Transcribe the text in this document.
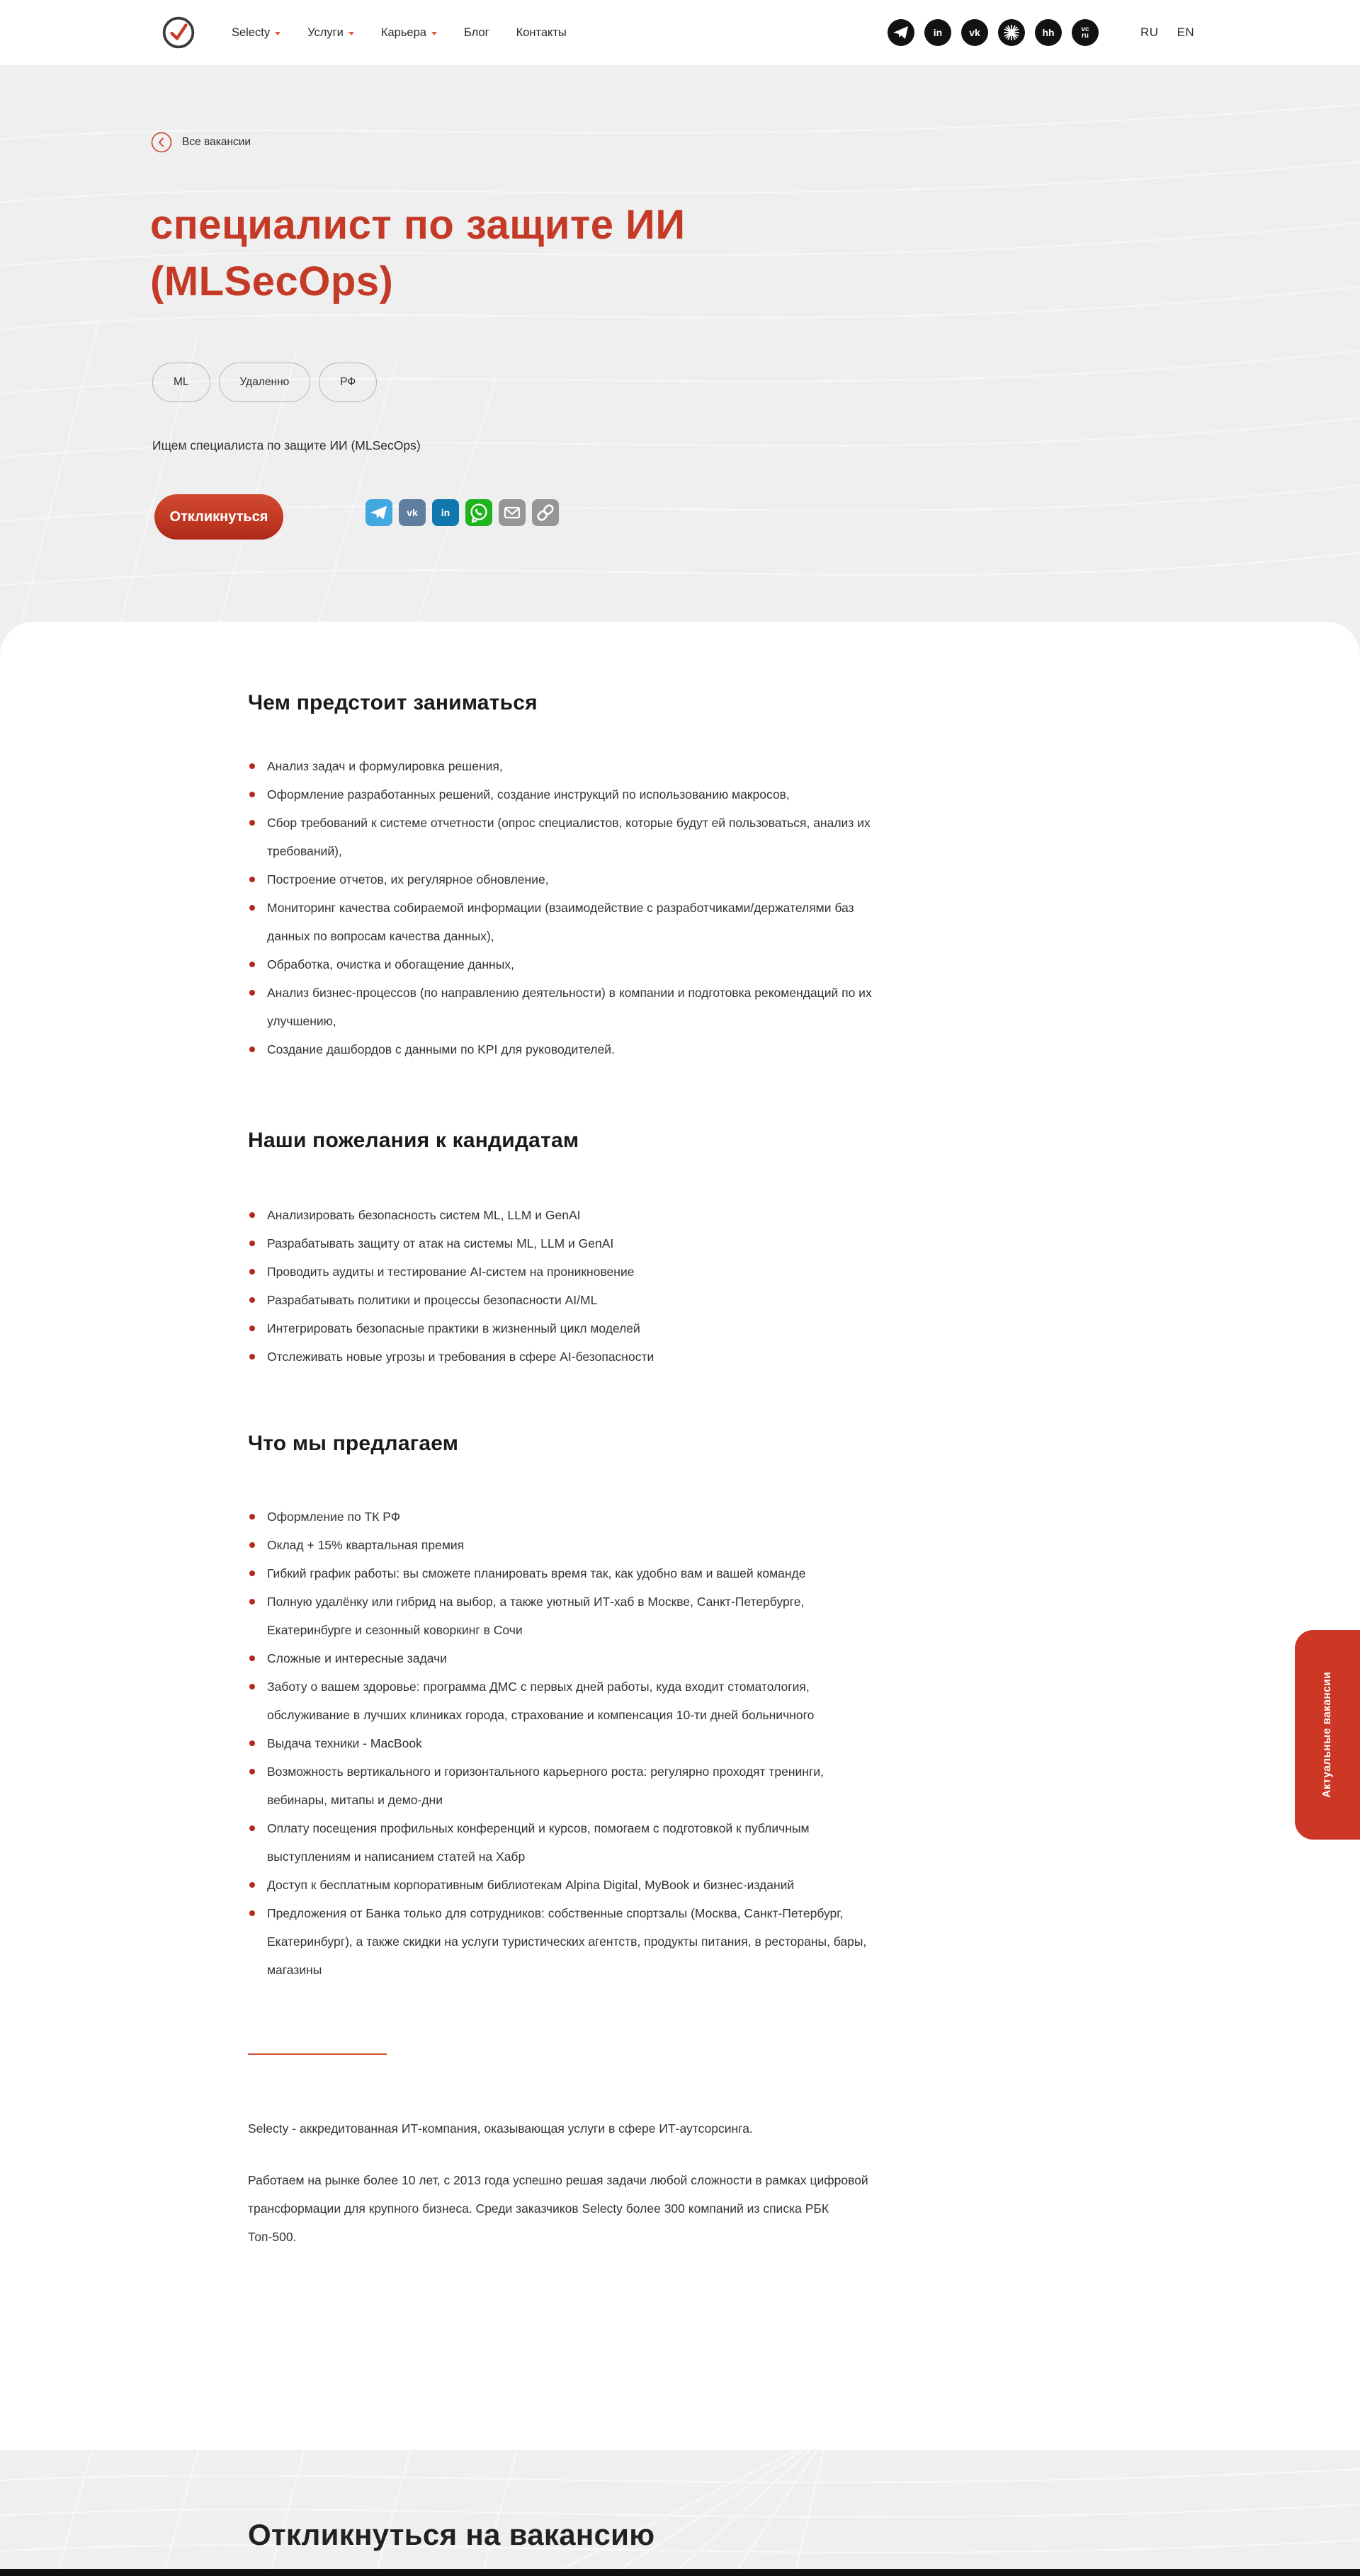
Selecty	Услуги	Карьера	Блог Контакты	in	vk	hh	vc ru	RU EN
Все вакансии
специалист по защите ИИ (MLSecOps)
ML	Удаленно	РФ
Ищем специалиста по защите ИИ (MLSecOps)
Откликнуться	vk in
Чем предстоит заниматься
Анализ задач и формулировка решения,
Оформление разработанных решений, создание инструкций по использованию макросов,
Сбор требований к системе отчетности (опрос специалистов, которые будут ей пользоваться, анализ их требований),
Построение отчетов, их регулярное обновление,
Мониторинг качества собираемой информации (взаимодействие с разработчиками/держателями баз данных по вопросам качества данных),
Обработка, очистка и обогащение данных,
Анализ бизнес-процессов (по направлению деятельности) в компании и подготовка рекомендаций по их улучшению,
Создание дашбордов с данными по KPI для руководителей.
Наши пожелания к кандидатам
Анализировать безопасность систем ML, LLM и GenAI
Разрабатывать защиту от атак на системы ML, LLM и GenAI
Проводить аудиты и тестирование AI-систем на проникновение
Разрабатывать политики и процессы безопасности AI/ML
Интегрировать безопасные практики в жизненный цикл моделей
Отслеживать новые угрозы и требования в сфере AI-безопасности
Что мы предлагаем
Оформление по ТК РФ
Оклад + 15% квартальная премия
Гибкий график работы: вы сможете планировать время так, как удобно вам и вашей команде
Полную удалёнку или гибрид на выбор, а также уютный ИТ-хаб в Москве, Санкт-Петербурге, Екатеринбурге и сезонный коворкинг в Сочи
Сложные и интересные задачи
Заботу о вашем здоровье: программа ДМС с первых дней работы, куда входит стоматология, обслуживание в лучших клиниках города, страхование и компенсация 10-ти дней больничного
Выдача техники - MacBook
Возможность вертикального и горизонтального карьерного роста: регулярно проходят тренинги, вебинары, митапы и демо-дни
Оплату посещения профильных конференций и курсов, помогаем с подготовкой к публичным выступлениям и написанием статей на Хабр
Доступ к бесплатным корпоративным библиотекам Alpina Digital, MyBook и бизнес-изданий
Предложения от Банка только для сотрудников: собственные спортзалы (Москва, Санкт-Петербург, Екатеринбург), а также скидки на услуги туристических агентств, продукты питания, в рестораны, бары, магазины

Selecty - аккредитованная ИТ-компания, оказывающая услуги в сфере ИТ-аутсорсинга.

Работаем на рынке более 10 лет, с 2013 года успешно решая задачи любой сложности в рамках цифровой трансформации для крупного бизнеса. Среди заказчиков Selecty более 300 компаний из списка РБК Топ-500.

Откликнуться на вакансию
Актуальные вакансии
